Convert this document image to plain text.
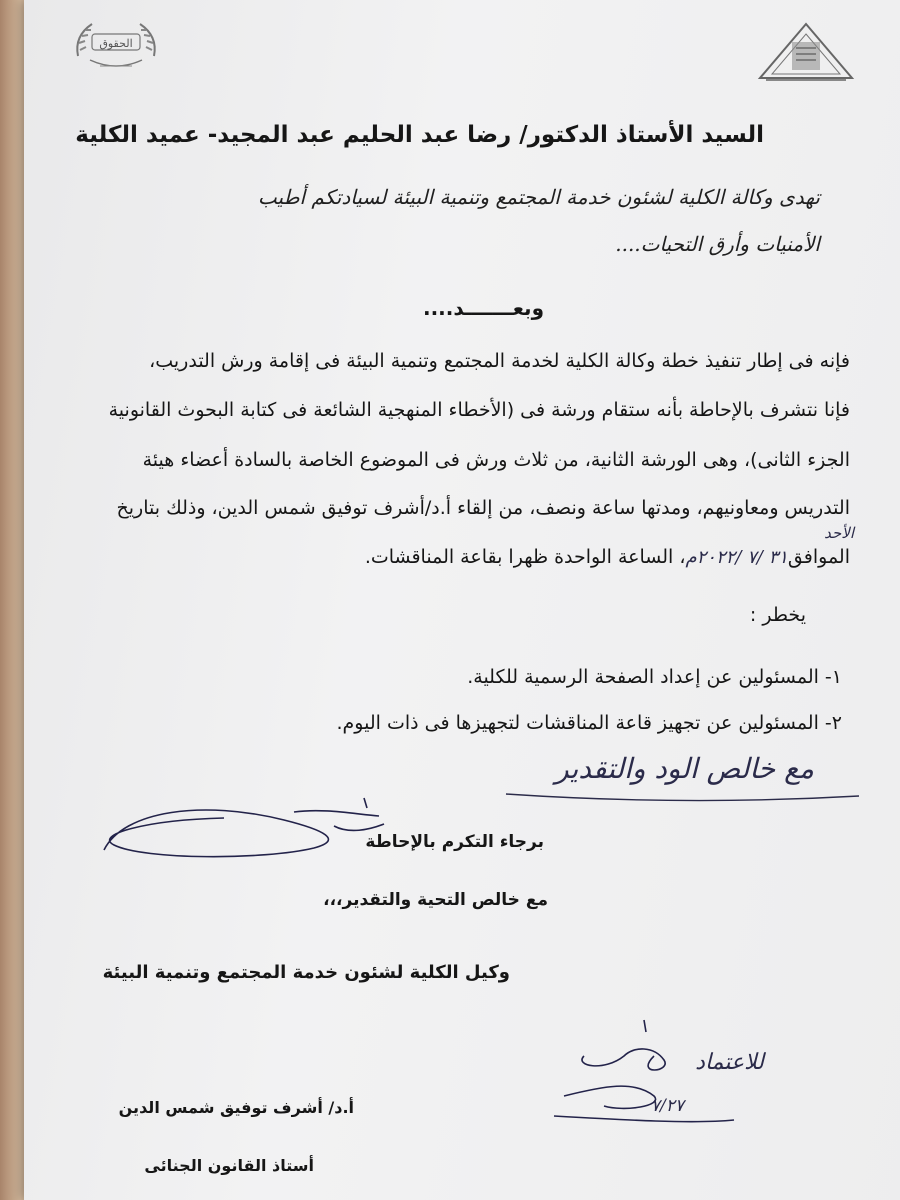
الحقوق
السيد الأستاذ الدكتور/ رضا عبد الحليم عبد المجيد- عميد الكلية
تهدى وكالة الكلية لشئون خدمة المجتمع وتنمية البيئة لسيادتكم أطيب
الأمنيات وأرق التحيات....
وبعـــــــد....
فإنه فى إطار تنفيذ خطة وكالة الكلية لخدمة المجتمع وتنمية البيئة فى إقامة ورش التدريب،
فإنا نتشرف بالإحاطة بأنه ستقام ورشة فى (الأخطاء المنهجية الشائعة فى كتابة البحوث القانونية
الجزء الثانى)، وهى الورشة الثانية، من ثلاث ورش فى الموضوع الخاصة بالسادة أعضاء هيئة
التدريس ومعاونيهم، ومدتها ساعة ونصف، من إلقاء أ.د/أشرف توفيق شمس الدين، وذلك بتاريخ
الأحد
الموافق٣١ /٧ /٢٠٢٢م، الساعة الواحدة ظهرا بقاعة المناقشات.
يخطر :
١- المسئولين عن إعداد الصفحة الرسمية للكلية.
٢- المسئولين عن تجهيز قاعة المناقشات لتجهيزها فى ذات اليوم.
مع خالص الود والتقدير
برجاء التكرم بالإحاطة
مع خالص التحية والتقدير،،،
وكيل الكلية لشئون خدمة المجتمع وتنمية البيئة
للاعتماد
٧/٢٧
أ.د/ أشرف توفيق شمس الدين
أستاذ القانون الجنائى
